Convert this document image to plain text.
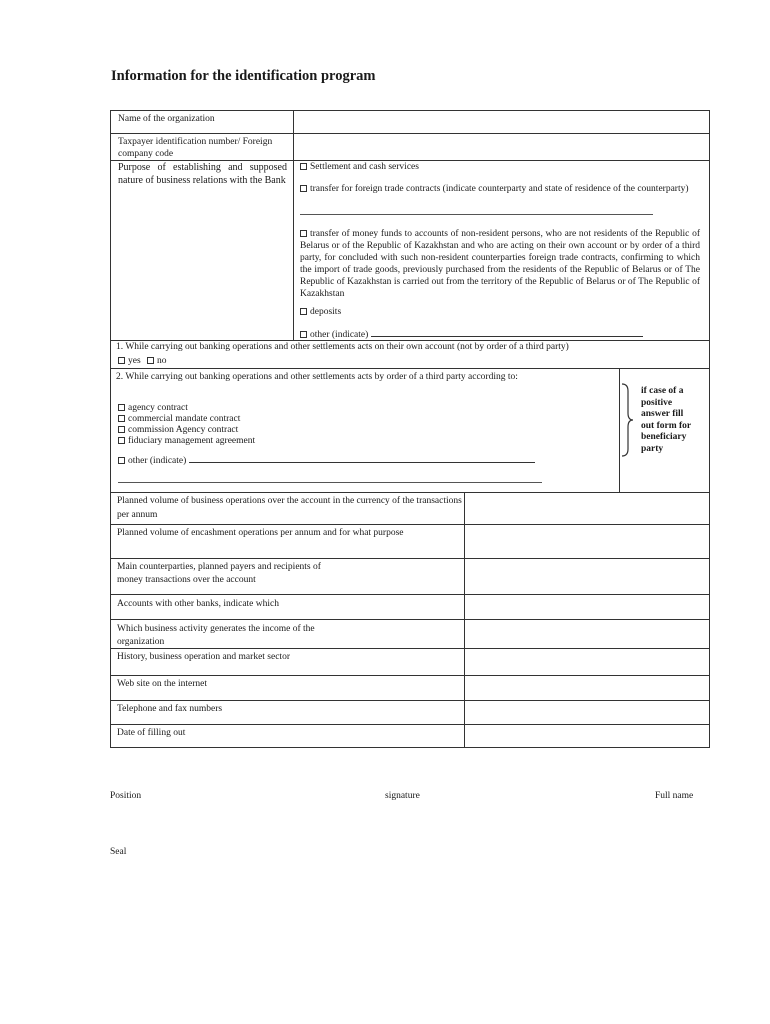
Information for the identification program
Name of the organization
Taxpayer identification number/ Foreign company code
Purpose of establishing and supposed nature of business relations with the Bank
Settlement and cash services
transfer for foreign trade contracts (indicate counterparty and state of residence of the counterparty)
transfer of money funds to accounts of non-resident persons, who are not residents of the Republic of Belarus or of the Republic of Kazakhstan and who are acting on their own account or by order of a third party, for concluded with such non-resident counterparties foreign trade contracts, confirming to which the import of trade goods, previously purchased from the residents of the Republic of Belarus or of The Republic of Kazakhstan is carried out from the territory of the Republic of Belarus or of The Republic of Kazakhstan
deposits
other (indicate)
1. While carrying out banking operations and other settlements acts on their own account (not by order of a third party)
yes no
2. While carrying out banking operations and other settlements acts by order of a third party according to:
agency contract
commercial mandate contract
commission Agency contract
fiduciary management agreement
other (indicate)
if case of a
positive
answer fill
out form for
beneficiary
party
Planned volume of business operations over the account in the currency of the transactions per annum
Planned volume of encashment operations per annum and for what purpose
Main counterparties, planned payers and recipients of money transactions over the account
Accounts with other banks, indicate which
Which business activity generates the income of the organization
History, business operation and market sector
Web site on the internet
Telephone and fax numbers
Date of filling out
Position	signature	Full name
Seal
